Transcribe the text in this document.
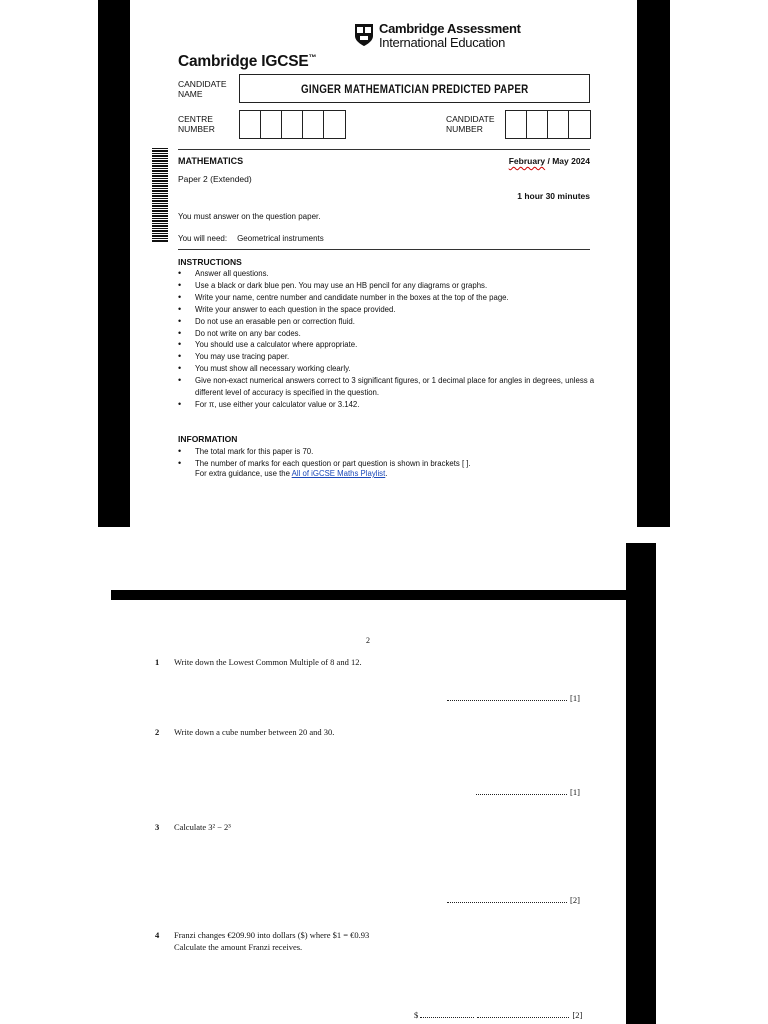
Cambridge Assessment
International Education
Cambridge IGCSE™
CANDIDATE
NAME	GINGER MATHEMATICIAN PREDICTED PAPER
CENTRE
NUMBER
CANDIDATE
NUMBER
MATHEMATICS
Paper 2 (Extended)
February / May 2024
1 hour 30 minutes
You must answer on the question paper.
You will need: Geometrical instruments
INSTRUCTIONS
• Answer all questions.
• Use a black or dark blue pen. You may use an HB pencil for any diagrams or graphs.
• Write your name, centre number and candidate number in the boxes at the top of the page.
• Write your answer to each question in the space provided.
• Do not use an erasable pen or correction fluid.
• Do not write on any bar codes.
• You should use a calculator where appropriate.
• You may use tracing paper.
• You must show all necessary working clearly.
• Give non-exact numerical answers correct to 3 significant figures, or 1 decimal place for angles in degrees, unless a different level of accuracy is specified in the question.
• For π, use either your calculator value or 3.142.
INFORMATION
• The total mark for this paper is 70.
• The number of marks for each question or part question is shown in brackets [ ].
For extra guidance, use the All of iGCSE Maths Playlist.
2
1 Write down the Lowest Common Multiple of 8 and 12.
[1]
2 Write down a cube number between 20 and 30.
[1]
3 Calculate 3² − 2³
[2]
4 Franzi changes €209.90 into dollars ($) where $1 = €0.93
Calculate the amount Franzi receives.
$	[2]
